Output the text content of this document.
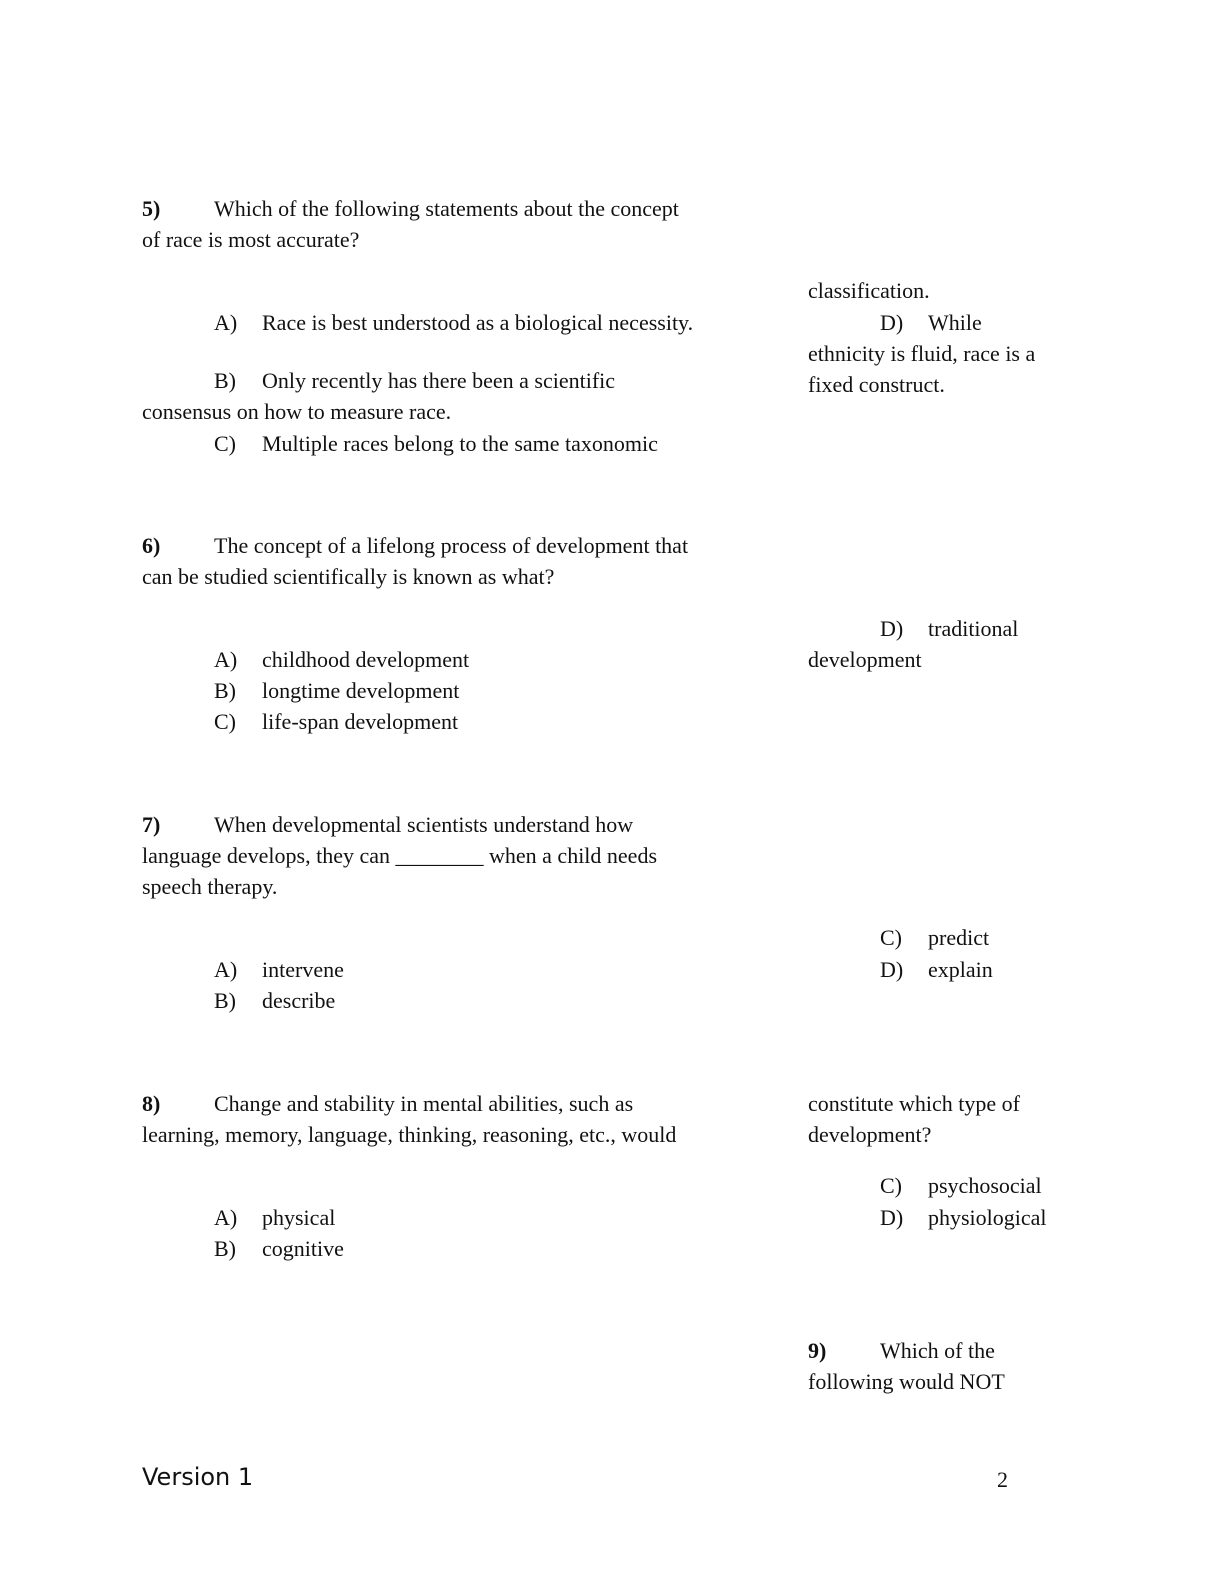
5) Which of the following statements about the concept
of race is most accurate?
A) Race is best understood as a biological necessity.
B) Only recently has there been a scientific
consensus on how to measure race.
C) Multiple races belong to the same taxonomic
classification.
D) While
ethnicity is fluid, race is a
fixed construct.
6) The concept of a lifelong process of development that
can be studied scientifically is known as what?
A) childhood development
B) longtime development
C) life-span development
D) traditional
development
7) When developmental scientists understand how
language develops, they can ________ when a child needs
speech therapy.
A) intervene
B) describe
C) predict
D) explain
8) Change and stability in mental abilities, such as
learning, memory, language, thinking, reasoning, etc., would
constitute which type of
development?
A) physical
B) cognitive
C) psychosocial
D) physiological
9) Which of the
following would NOT
Version 1	2
